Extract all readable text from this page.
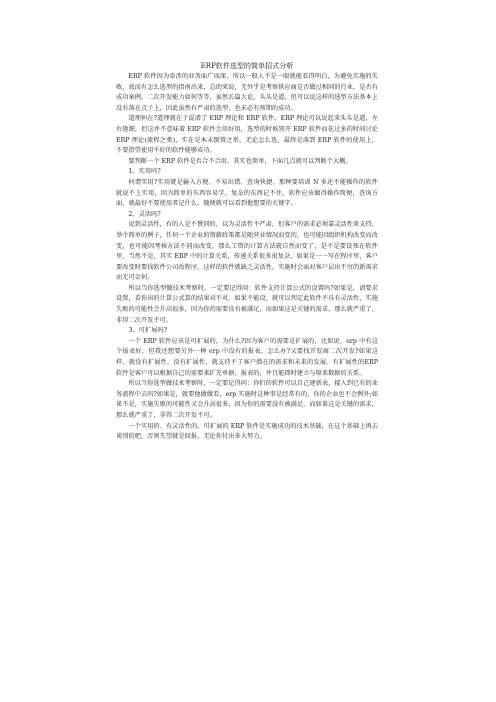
ERP软件选型的简单招式分析

ERP 软件因为牵涉的业务面广而深，所以一般人不是一眼就能看得明白，为避免实施的失败，故而有怎么选型的指南出来，总的来说，无外乎是考察供应商是否做过相同的行业，是否有成功案例，二次开发能力如何等等，虽然长篇大论，头头是道，但可以说这样的选型方法基本上没有落在点子上，因此虽然有严肃的选型，也未必有预期的成功。

道理何在?道理就在于混淆了 ERP 理论和 ERP 软件，ERP 理论可以说起来头头是道，左右逢源，但这并不意味着 ERP 软件会用好用，选型的时候别开 ERP 软件而花过多的时间讨论 ERP 理论(流程之类)，实在是本末倒置之举。无论怎么选，最终是落到 ERP 软件的使用上，不要指望使用不好的软件能够成功。

要判断一个 ERP 软件是否合不合用，其实也简单，下面几点就可以判断个大概。

1、实用吗?

何谓实用?实用就是输入方便、不易出错、查询快捷。那种要培训 N 多还不能操作的软件就说不上实用，因为简单的东西容易学，复杂的东西记不住，软件应该做得操作简便，查询方面，就最好不要使用者记什么，随便就可以看到他想要的关键字。

2、灵活吗?

说到灵活性，有的人是不赞同的，以为灵活性不严肃，但客户的需求必须靠灵活性来支持，举个简单的例子，任何一个企业的资薪政策都是随营业情况而变的，也可能因组织机构改变而改变，也可能因考核方法不同而改变，那么工资的计算方法就自然而变了，是不是要设死在软件里，当然不是，其实 ERP 中的计算关系，传递关系很多很复杂，如果是一一写在程序里，客户要改变时要找软件公司改程序，这样的软件就缺乏灵活性，实施时会面对客户层出不穷的新需求而无可奈何。

所以当你选型做技术考察时，一定要记得问：软件支持计算公式的设置吗?如果是，请要求设置，看你出的计算公式算的结果对不对。如果不能设，就可以判定此软件不具有灵活性，实施失败的可能性会升高很多，因为你的需要没有被满足，而如果这是关键的需求，那么就严重了，非得二次开发不可。

3、可扩展吗?

一个 ERP 软件应该是可扩展的，为什么?因为客户的需要是扩展的，比如说，erp 中有这个报表好，但我还想要另外一种 erp 中没有的报表，怎么办?又要找开发商二次开发?如果这样，就没有扩展性，没有扩展性，就支持不了客户潜在的需求和未来的发展。有扩展性的ERP 软件是客户可以根据自己的需要来扩充单据、报表的，并且能即时建立与原来数据的关系。

所以当你选型做技术考察时，一定要记得问：你们的软件可以自己建新表，接入到已有的业务流程中去吗?如果是，就要他做做看，erp 实施时这种事是经常有的，你的企业也不会例外;如果不是，实施失败的可能性又会升高很多，因为你的需要没有被满足，而如果这是关键的需求，那么就严重了，非得二次开发不可。

一个实用的、有灵活性的、可扩展的 ERP 软件是实施成功的技术基础，在这个基础上再去谈别的吧，否则失望就是回报，无论你付出多大努力。
